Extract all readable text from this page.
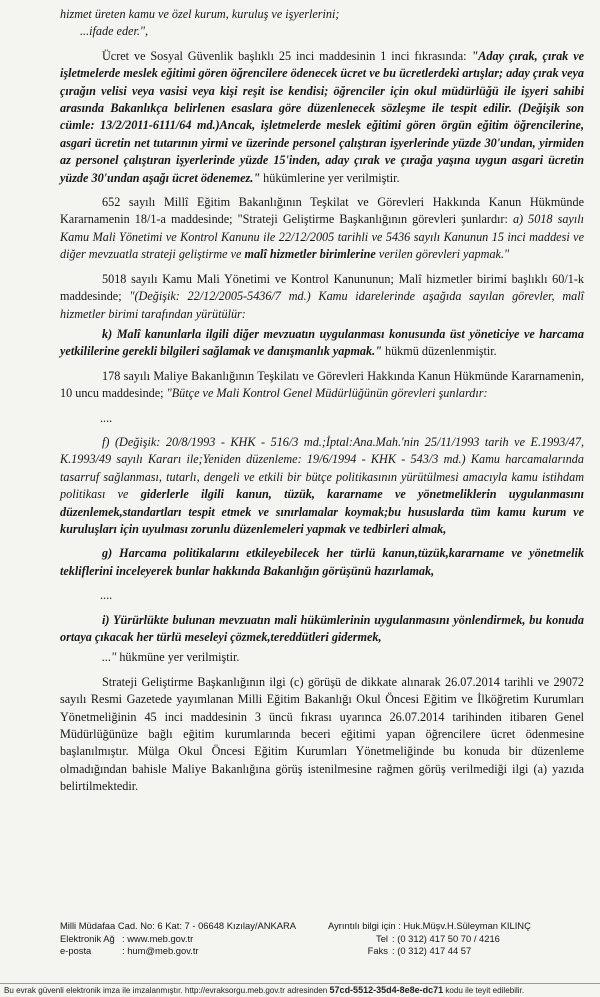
hizmet üreten kamu ve özel kurum, kuruluş ve işyerlerini;
...ifade eder.",

Ücret ve Sosyal Güvenlik başlıklı 25 inci maddesinin 1 inci fıkrasında: "Aday çırak, çırak ve işletmelerde meslek eğitimi gören öğrencilere ödenecek ücret ve bu ücretlerdeki artışlar; aday çırak veya çırağın velisi veya vasisi veya kişi reşit ise kendisi; öğrenciler için okul müdürlüğü ile işyeri sahibi arasında Bakanlıkça belirlenen esaslara göre düzenlenecek sözleşme ile tespit edilir. (Değişik son cümle: 13/2/2011-6111/64 md.)Ancak, işletmelerde meslek eğitimi gören örgün eğitim öğrencilerine, asgari ücretin net tutarının yirmi ve üzerinde personel çalıştıran işyerlerinde yüzde 30'undan, yirmiden az personel çalıştıran işyerlerinde yüzde 15'inden, aday çırak ve çırağa yaşına uygun asgari ücretin yüzde 30'undan aşağı ücret ödenemez." hükümlerine yer verilmiştir.

652 sayılı Millî Eğitim Bakanlığının Teşkilat ve Görevleri Hakkında Kanun Hükmünde Kararnamenin 18/1-a maddesinde; "Strateji Geliştirme Başkanlığının görevleri şunlardır: a) 5018 sayılı Kamu Mali Yönetimi ve Kontrol Kanunu ile 22/12/2005 tarihli ve 5436 sayılı Kanunun 15 inci maddesi ve diğer mevzuatla strateji geliştirme ve malî hizmetler birimlerine verilen görevleri yapmak."

5018 sayılı Kamu Mali Yönetimi ve Kontrol Kanununun; Malî hizmetler birimi başlıklı 60/1-k maddesinde; "(Değişik: 22/12/2005-5436/7 md.) Kamu idarelerinde aşağıda sayılan görevler, malî hizmetler birimi tarafından yürütülür:

k) Malî kanunlarla ilgili diğer mevzuatın uygulanması konusunda üst yöneticiye ve harcama yetkililerine gerekli bilgileri sağlamak ve danışmanlık yapmak." hükmü düzenlenmiştir.

178 sayılı Maliye Bakanlığının Teşkilatı ve Görevleri Hakkında Kanun Hükmünde Kararnamenin, 10 uncu maddesinde; "Bütçe ve Mali Kontrol Genel Müdürlüğünün görevleri şunlardır:

....

f) (Değişik: 20/8/1993 - KHK - 516/3 md.;İptal:Ana.Mah.'nin 25/11/1993 tarih ve E.1993/47, K.1993/49 sayılı Kararı ile;Yeniden düzenleme: 19/6/1994 - KHK - 543/3 md.) Kamu harcamalarında tasarruf sağlanması, tutarlı, dengeli ve etkili bir bütçe politikasının yürütülmesi amacıyla kamu istihdam politikası ve giderlerle ilgili kanun, tüzük, kararname ve yönetmeliklerin uygulanmasını düzenlemek,standartları tespit etmek ve sınırlamalar koymak;bu hususlarda tüm kamu kurum ve kuruluşları için uyulması zorunlu düzenlemeleri yapmak ve tedbirleri almak,

g) Harcama politikalarını etkileyebilecek her türlü kanun,tüzük,kararname ve yönetmelik tekliflerini inceleyerek bunlar hakkında Bakanlığın görüşünü hazırlamak,

....

i) Yürürlükte bulunan mevzuatın mali hükümlerinin uygulanmasını yönlendirmek, bu konuda ortaya çıkacak her türlü meseleyi çözmek,tereddütleri gidermek,

..." hükmüne yer verilmiştir.

Strateji Geliştirme Başkanlığının ilgi (c) görüşü de dikkate alınarak 26.07.2014 tarihli ve 29072 sayılı Resmi Gazetede yayımlanan Milli Eğitim Bakanlığı Okul Öncesi Eğitim ve İlköğretim Kurumları Yönetmeliğinin 45 inci maddesinin 3 üncü fıkrası uyarınca 26.07.2014 tarihinden itibaren Genel Müdürlüğünüze bağlı eğitim kurumlarında beceri eğitimi yapan öğrencilere ücret ödenmesine başlanılmıştır. Mülga Okul Öncesi Eğitim Kurumları Yönetmeliğinde bu konuda bir düzenleme olmadığından bahisle Maliye Bakanlığına görüş istenilmesine rağmen görüş verilmediği ilgi (a) yazıda belirtilmektedir.

Milli Müdafaa Cad. No: 6 Kat: 7 - 06648 Kızılay/ANKARA
Elektronik Ağ : www.meb.gov.tr
e-posta	: hum@meb.gov.tr
Ayrıntılı bilgi için : Huk.Müşv.H.Süleyman KILINÇ
Tel : (0 312) 417 50 70 / 4216
Faks : (0 312) 417 44 57
Bu evrak güvenli elektronik imza ile imzalanmıştır. http://evraksorgu.meb.gov.tr adresinden 57cd-5512-35d4-8e8e-dc71 kodu ile teyit edilebilir.
